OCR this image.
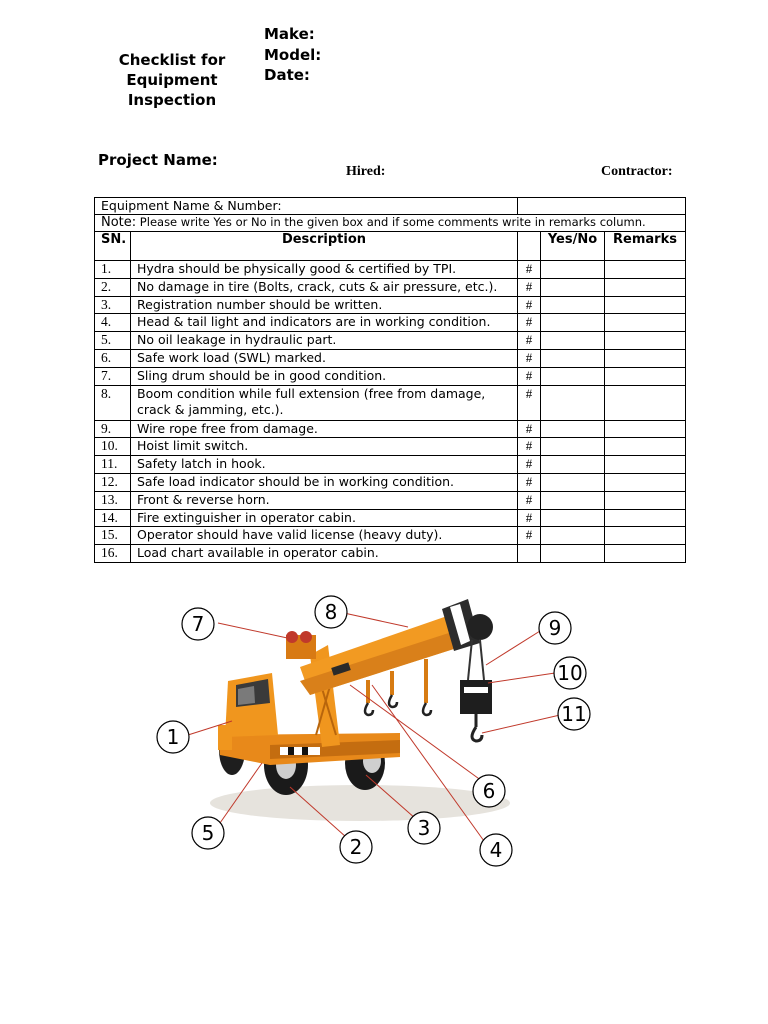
Checklist for
Equipment
Inspection
Make:
Model:
Date:
Project Name:
Hired:	Contractor:
Equipment Name & Number:				
Note: Please write Yes or No in the given box and if some comments write in remarks column.				
SN.	Description		Yes/No	Remarks
1.	Hydra should be physically good & certified by TPI.	#		
2.	No damage in tire (Bolts, crack, cuts & air pressure, etc.).	#		
3.	Registration number should be written.	#		
4.	Head & tail light and indicators are in working condition.	#		
5.	No oil leakage in hydraulic part.	#		
6.	Safe work load (SWL) marked.	#		
7.	Sling drum should be in good condition.	#		
8.	Boom condition while full extension (free from damage, crack & jamming, etc.).	#		
9.	Wire rope free from damage.	#		
10.	Hoist limit switch.	#		
11.	Safety latch in hook.	#		
12.	Safe load indicator should be in working condition.	#		
13.	Front & reverse horn.	#		
14.	Fire extinguisher in operator cabin.	#		
15.	Operator should have valid license (heavy duty).	#		
16.	Load chart available in operator cabin.			
1
7	8
9
10
11
6
5
2
3
4
